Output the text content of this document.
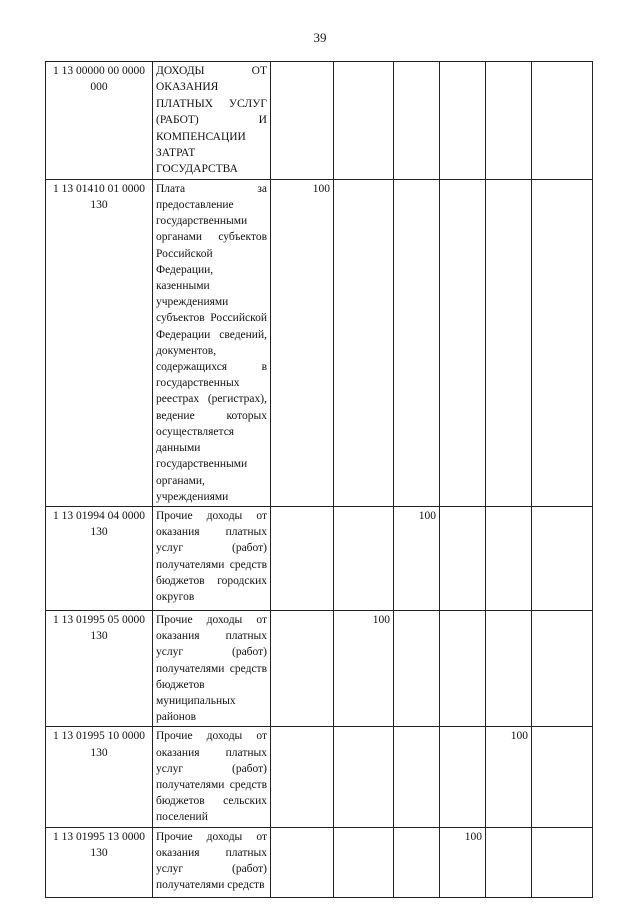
39
1 13 00000 00 0000 000	ДОХОДЫ ОТ ОКАЗАНИЯ ПЛАТНЫХ УСЛУГ (РАБОТ) И КОМПЕНСАЦИИ ЗАТРАТ ГОСУДАРСТВА						
1 13 01410 01 0000 130	Плата за предоставление государственными органами субъектов Российской Федерации, казенными учреждениями субъектов Российской Федерации сведений, документов, содержащихся в государственных реестрах (регистрах), ведение которых осуществляется данными государственными органами, учреждениями	100					
1 13 01994 04 0000 130	Прочие доходы от оказания платных услуг (работ) получателями средств бюджетов городских округов			100			
1 13 01995 05 0000 130	Прочие доходы от оказания платных услуг (работ) получателями средств бюджетов муниципальных районов		100				
1 13 01995 10 0000 130	Прочие доходы от оказания платных услуг (работ) получателями средств бюджетов сельских поселений					100	
1 13 01995 13 0000 130	Прочие доходы от оказания платных услуг (работ) получателями средств				100		
